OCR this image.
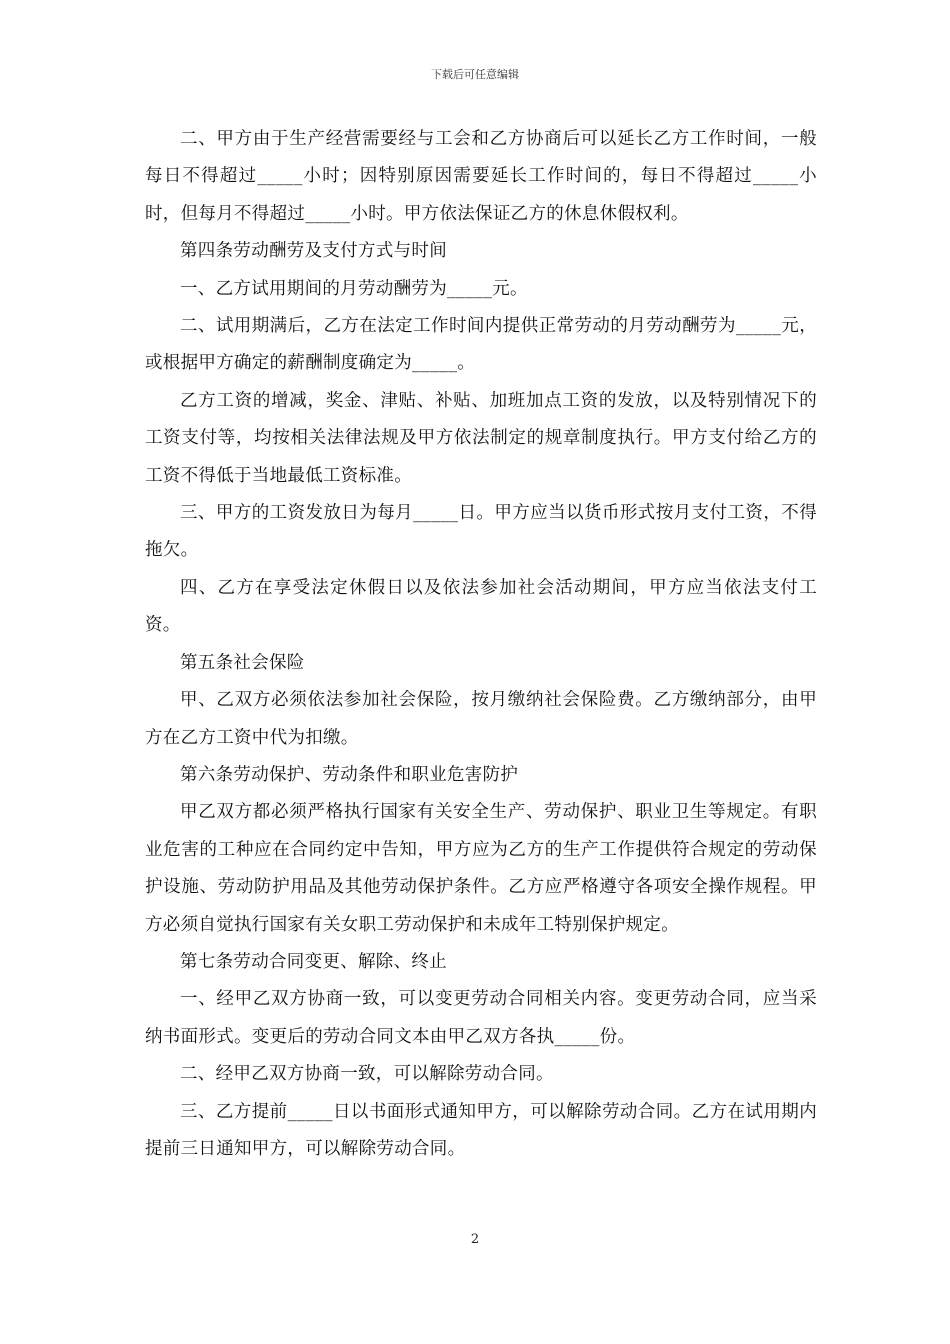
下载后可任意编辑

二、甲方由于生产经营需要经与工会和乙方协商后可以延长乙方工作时间，一般每日不得超过_____小时；因特别原因需要延长工作时间的，每日不得超过_____小时，但每月不得超过_____小时。甲方依法保证乙方的休息休假权利。

第四条劳动酬劳及支付方式与时间

一、乙方试用期间的月劳动酬劳为_____元。

二、试用期满后，乙方在法定工作时间内提供正常劳动的月劳动酬劳为_____元，或根据甲方确定的薪酬制度确定为_____。

乙方工资的增减，奖金、津贴、补贴、加班加点工资的发放，以及特别情况下的工资支付等，均按相关法律法规及甲方依法制定的规章制度执行。甲方支付给乙方的工资不得低于当地最低工资标准。

三、甲方的工资发放日为每月_____日。甲方应当以货币形式按月支付工资，不得拖欠。

四、乙方在享受法定休假日以及依法参加社会活动期间，甲方应当依法支付工资。

第五条社会保险

甲、乙双方必须依法参加社会保险，按月缴纳社会保险费。乙方缴纳部分，由甲方在乙方工资中代为扣缴。

第六条劳动保护、劳动条件和职业危害防护

甲乙双方都必须严格执行国家有关安全生产、劳动保护、职业卫生等规定。有职业危害的工种应在合同约定中告知，甲方应为乙方的生产工作提供符合规定的劳动保护设施、劳动防护用品及其他劳动保护条件。乙方应严格遵守各项安全操作规程。甲方必须自觉执行国家有关女职工劳动保护和未成年工特别保护规定。

第七条劳动合同变更、解除、终止

一、经甲乙双方协商一致，可以变更劳动合同相关内容。变更劳动合同，应当采纳书面形式。变更后的劳动合同文本由甲乙双方各执_____份。

二、经甲乙双方协商一致，可以解除劳动合同。

三、乙方提前_____日以书面形式通知甲方，可以解除劳动合同。乙方在试用期内提前三日通知甲方，可以解除劳动合同。

2
